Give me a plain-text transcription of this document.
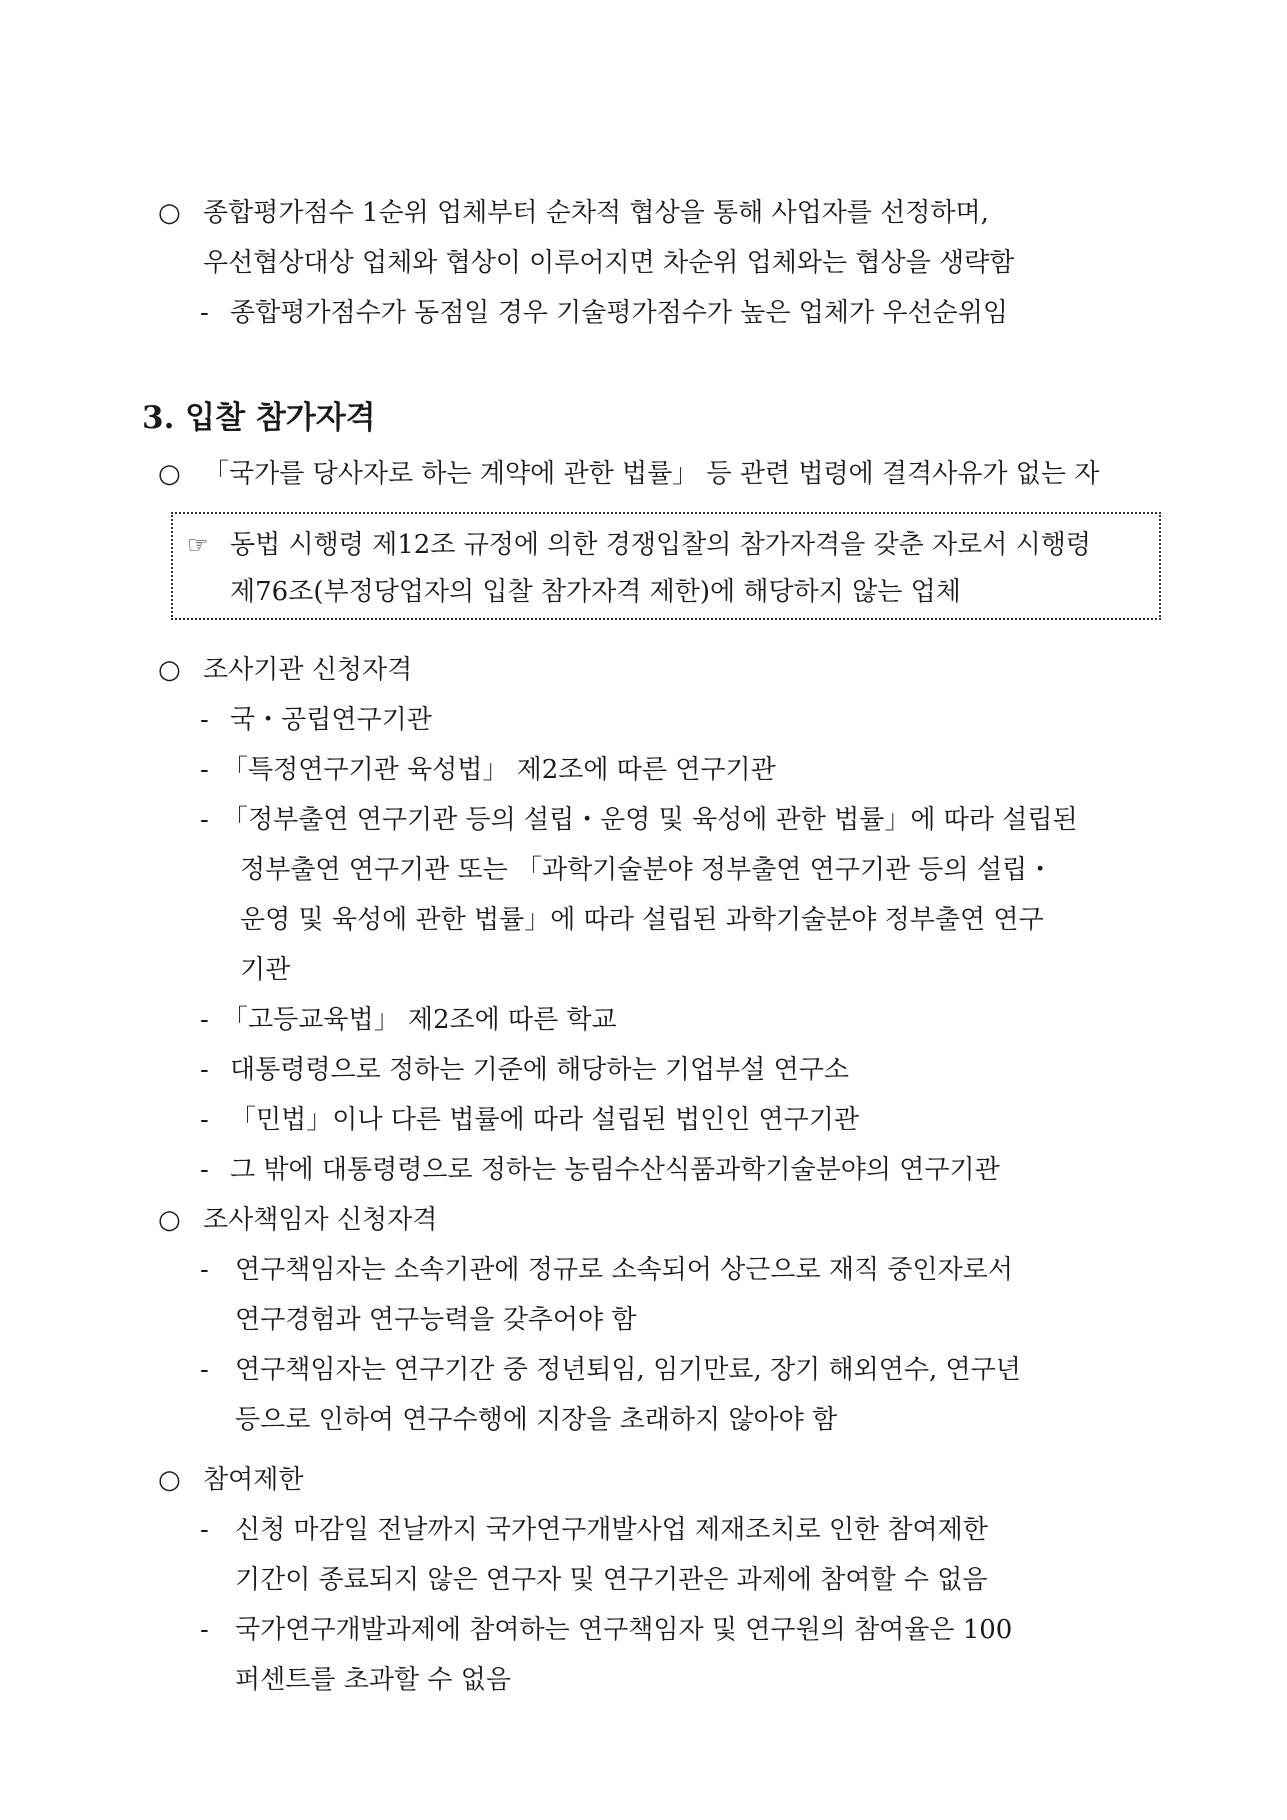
○ 종합평가점수 1순위 업체부터 순차적 협상을 통해 사업자를 선정하며,
우선협상대상 업체와 협상이 이루어지면 차순위 업체와는 협상을 생략함
- 종합평가점수가 동점일 경우 기술평가점수가 높은 업체가 우선순위임
3. 입찰 참가자격
○ 「국가를 당사자로 하는 계약에 관한 법률」 등 관련 법령에 결격사유가 없는 자
☞ 동법 시행령 제12조 규정에 의한 경쟁입찰의 참가자격을 갖춘 자로서 시행령
제76조(부정당업자의 입찰 참가자격 제한)에 해당하지 않는 업체
○ 조사기관 신청자격
- 국・공립연구기관
- 「특정연구기관 육성법」 제2조에 따른 연구기관
- 「정부출연 연구기관 등의 설립・운영 및 육성에 관한 법률」에 따라 설립된
정부출연 연구기관 또는 「과학기술분야 정부출연 연구기관 등의 설립・
운영 및 육성에 관한 법률」에 따라 설립된 과학기술분야 정부출연 연구
기관
- 「고등교육법」 제2조에 따른 학교
- 대통령령으로 정하는 기준에 해당하는 기업부설 연구소
- 「민법」이나 다른 법률에 따라 설립된 법인인 연구기관
- 그 밖에 대통령령으로 정하는 농림수산식품과학기술분야의 연구기관
○ 조사책임자 신청자격
- 연구책임자는 소속기관에 정규로 소속되어 상근으로 재직 중인자로서
연구경험과 연구능력을 갖추어야 함
- 연구책임자는 연구기간 중 정년퇴임, 임기만료, 장기 해외연수, 연구년
등으로 인하여 연구수행에 지장을 초래하지 않아야 함
○ 참여제한
- 신청 마감일 전날까지 국가연구개발사업 제재조치로 인한 참여제한
기간이 종료되지 않은 연구자 및 연구기관은 과제에 참여할 수 없음
- 국가연구개발과제에 참여하는 연구책임자 및 연구원의 참여율은 100
퍼센트를 초과할 수 없음
